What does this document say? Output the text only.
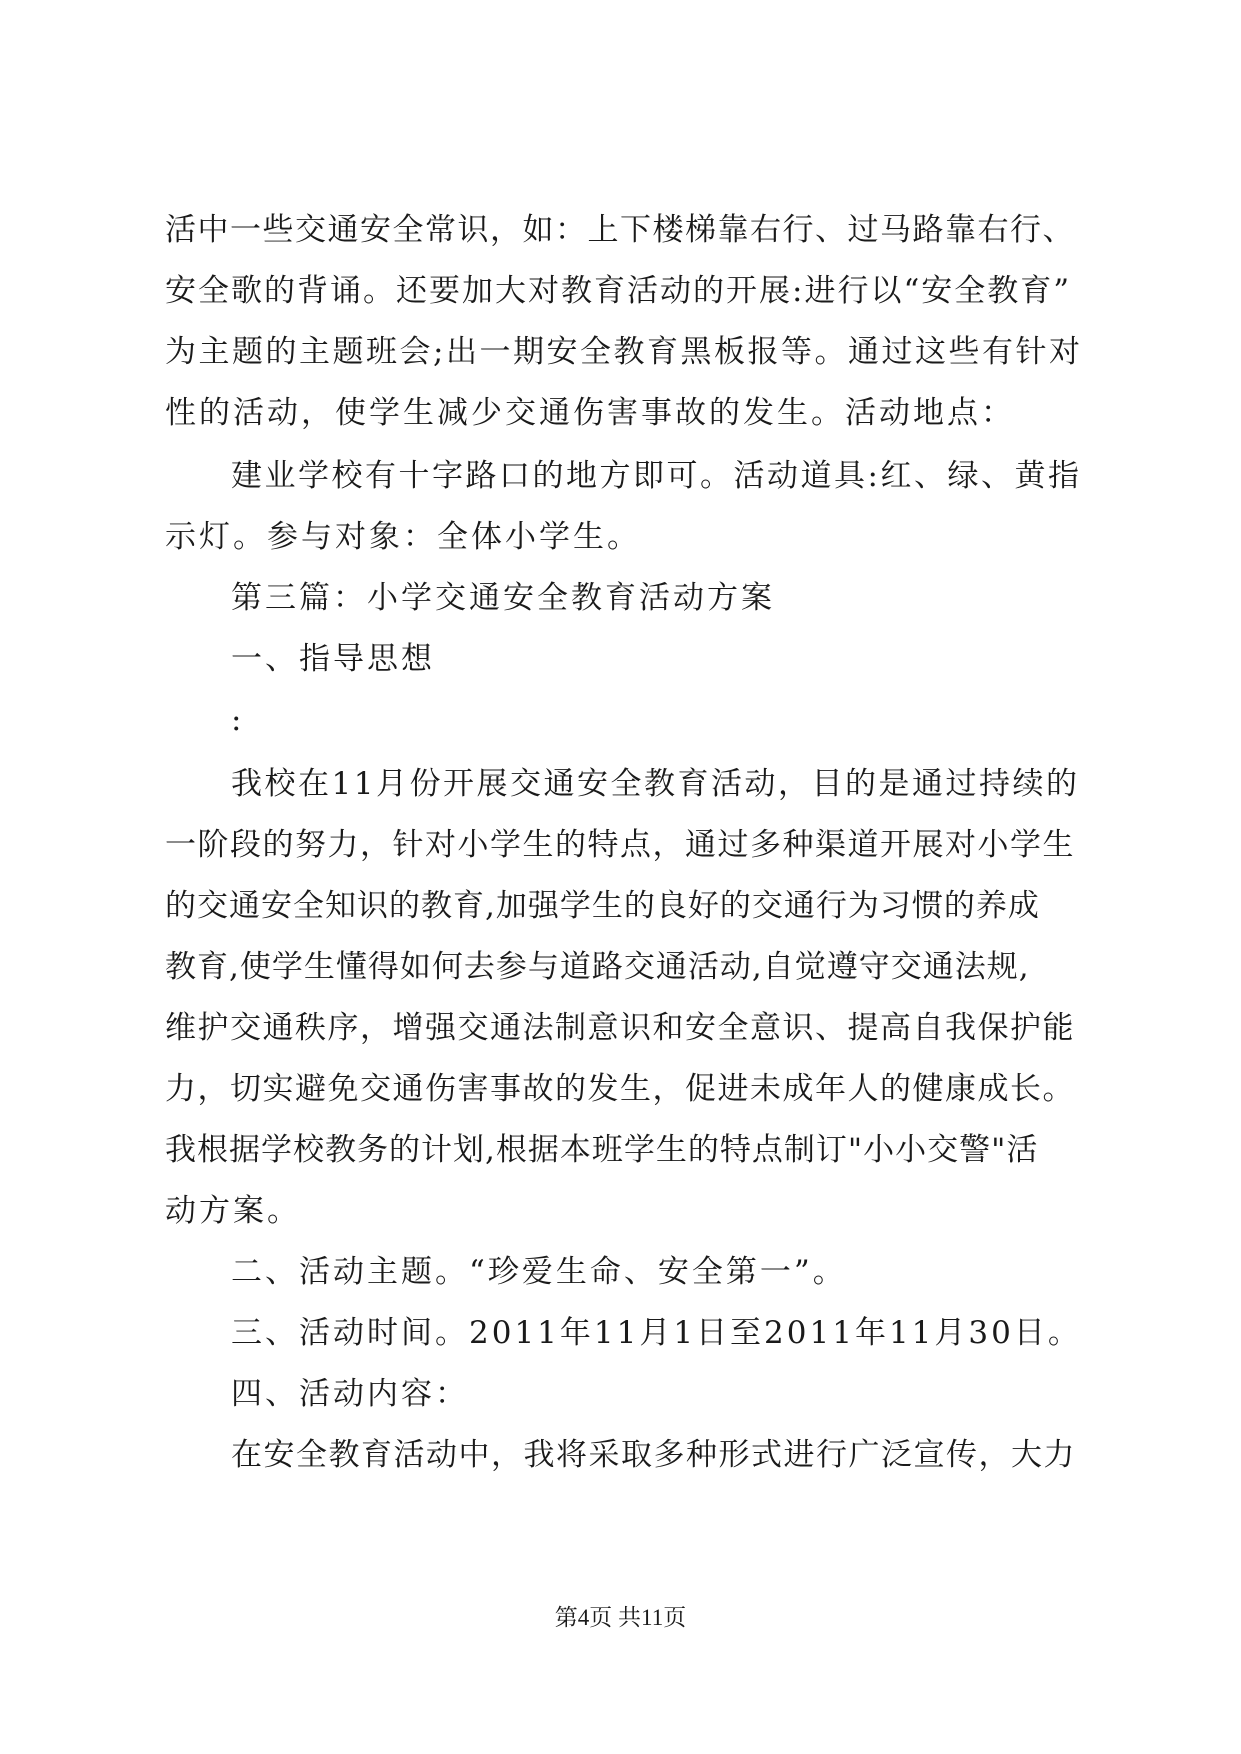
活中一些交通安全常识，如：上下楼梯靠右行、过马路靠右行、
安全歌的背诵。还要加大对教育活动的开展:进行以“安全教育”
为主题的主题班会;出一期安全教育黑板报等。通过这些有针对
性的活动，使学生减少交通伤害事故的发生。活动地点：
建业学校有十字路口的地方即可。活动道具:红、绿、黄指
示灯。参与对象：全体小学生。
第三篇：小学交通安全教育活动方案
一、指导思想
:
我校在11月份开展交通安全教育活动，目的是通过持续的
一阶段的努力，针对小学生的特点，通过多种渠道开展对小学生
的交通安全知识的教育,加强学生的良好的交通行为习惯的养成
教育,使学生懂得如何去参与道路交通活动,自觉遵守交通法规,
维护交通秩序，增强交通法制意识和安全意识、提高自我保护能
力，切实避免交通伤害事故的发生，促进未成年人的健康成长。
我根据学校教务的计划,根据本班学生的特点制订"小小交警"活
动方案。
二、活动主题。“珍爱生命、安全第一”。
三、活动时间。2011年11月1日至2011年11月30日。
四、活动内容：
在安全教育活动中，我将采取多种形式进行广泛宣传，大力
第4页 共11页
